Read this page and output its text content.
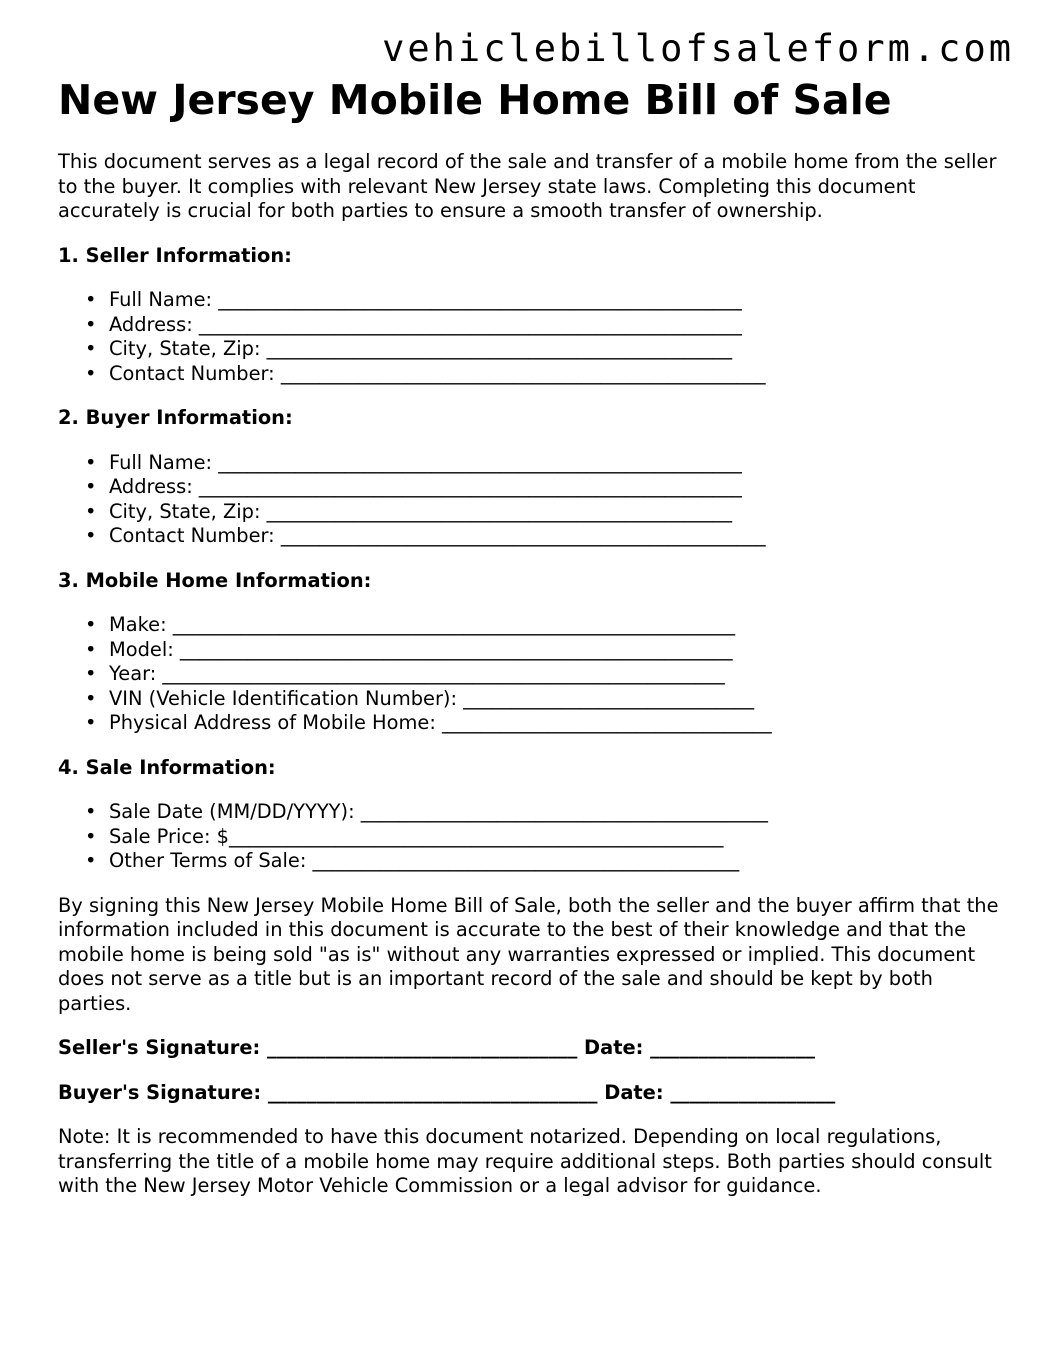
vehiclebillofsaleform.com
New Jersey Mobile Home Bill of Sale

This document serves as a legal record of the sale and transfer of a mobile home from the seller to the buyer. It complies with relevant New Jersey state laws. Completing this document accurately is crucial for both parties to ensure a smooth transfer of ownership.

1. Seller Information:
• Full Name: ______________________________________________________
• Address: ________________________________________________________
• City, State, Zip: ________________________________________________
• Contact Number: __________________________________________________
2. Buyer Information:
• Full Name: ______________________________________________________
• Address: ________________________________________________________
• City, State, Zip: ________________________________________________
• Contact Number: __________________________________________________
3. Mobile Home Information:
• Make: __________________________________________________________
• Model: _________________________________________________________
• Year: __________________________________________________________
• VIN (Vehicle Identification Number): ______________________________
• Physical Address of Mobile Home: __________________________________
4. Sale Information:
• Sale Date (MM/DD/YYYY): __________________________________________
• Sale Price: $___________________________________________________
• Other Terms of Sale: ____________________________________________

By signing this New Jersey Mobile Home Bill of Sale, both the seller and the buyer affirm that the information included in this document is accurate to the best of their knowledge and that the mobile home is being sold "as is" without any warranties expressed or implied. This document does not serve as a title but is an important record of the sale and should be kept by both parties.

Seller's Signature: ________________________________ Date: _________________
Buyer's Signature: __________________________________ Date: _________________

Note: It is recommended to have this document notarized. Depending on local regulations, transferring the title of a mobile home may require additional steps. Both parties should consult with the New Jersey Motor Vehicle Commission or a legal advisor for guidance.
